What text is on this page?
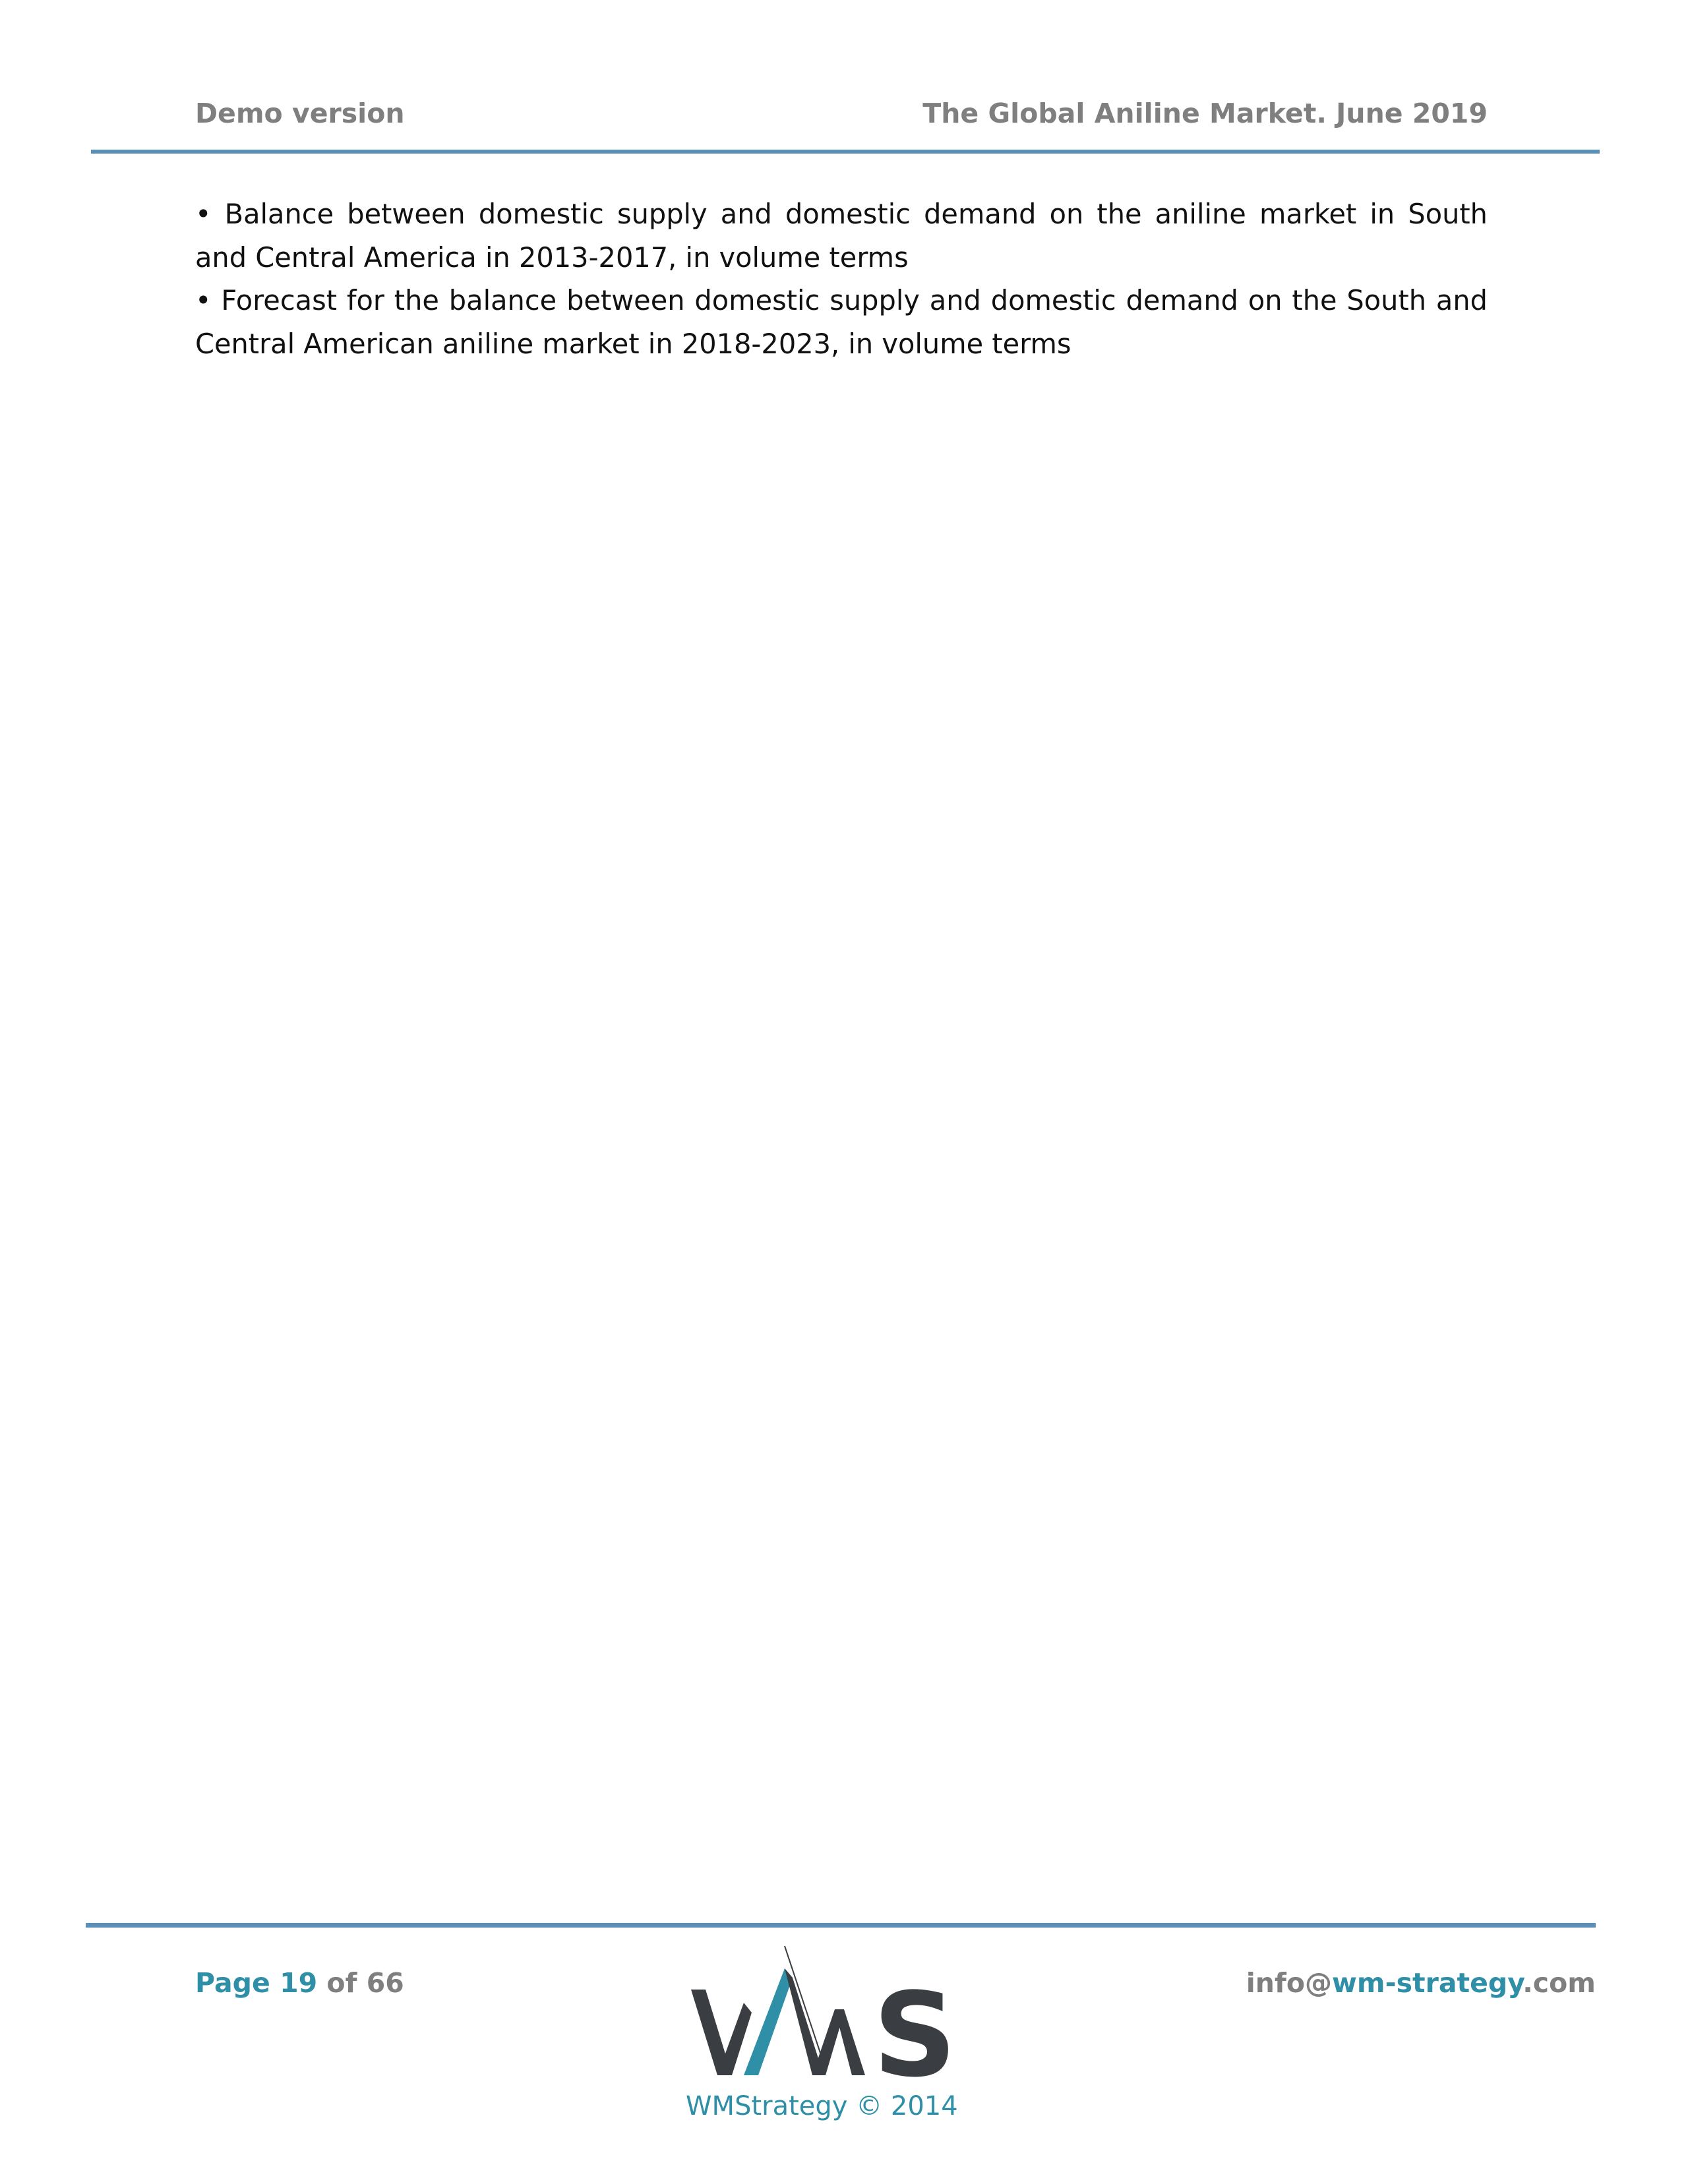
Demo version	The Global Aniline Market. June 2019

• Balance between domestic supply and domestic demand on the aniline market in South and Central America in 2013-2017, in volume terms

• Forecast for the balance between domestic supply and domestic demand on the South and Central American aniline market in 2018-2023, in volume terms

Page 19 of 66	S
WMStrategy © 2014
info@wm-strategy.com
